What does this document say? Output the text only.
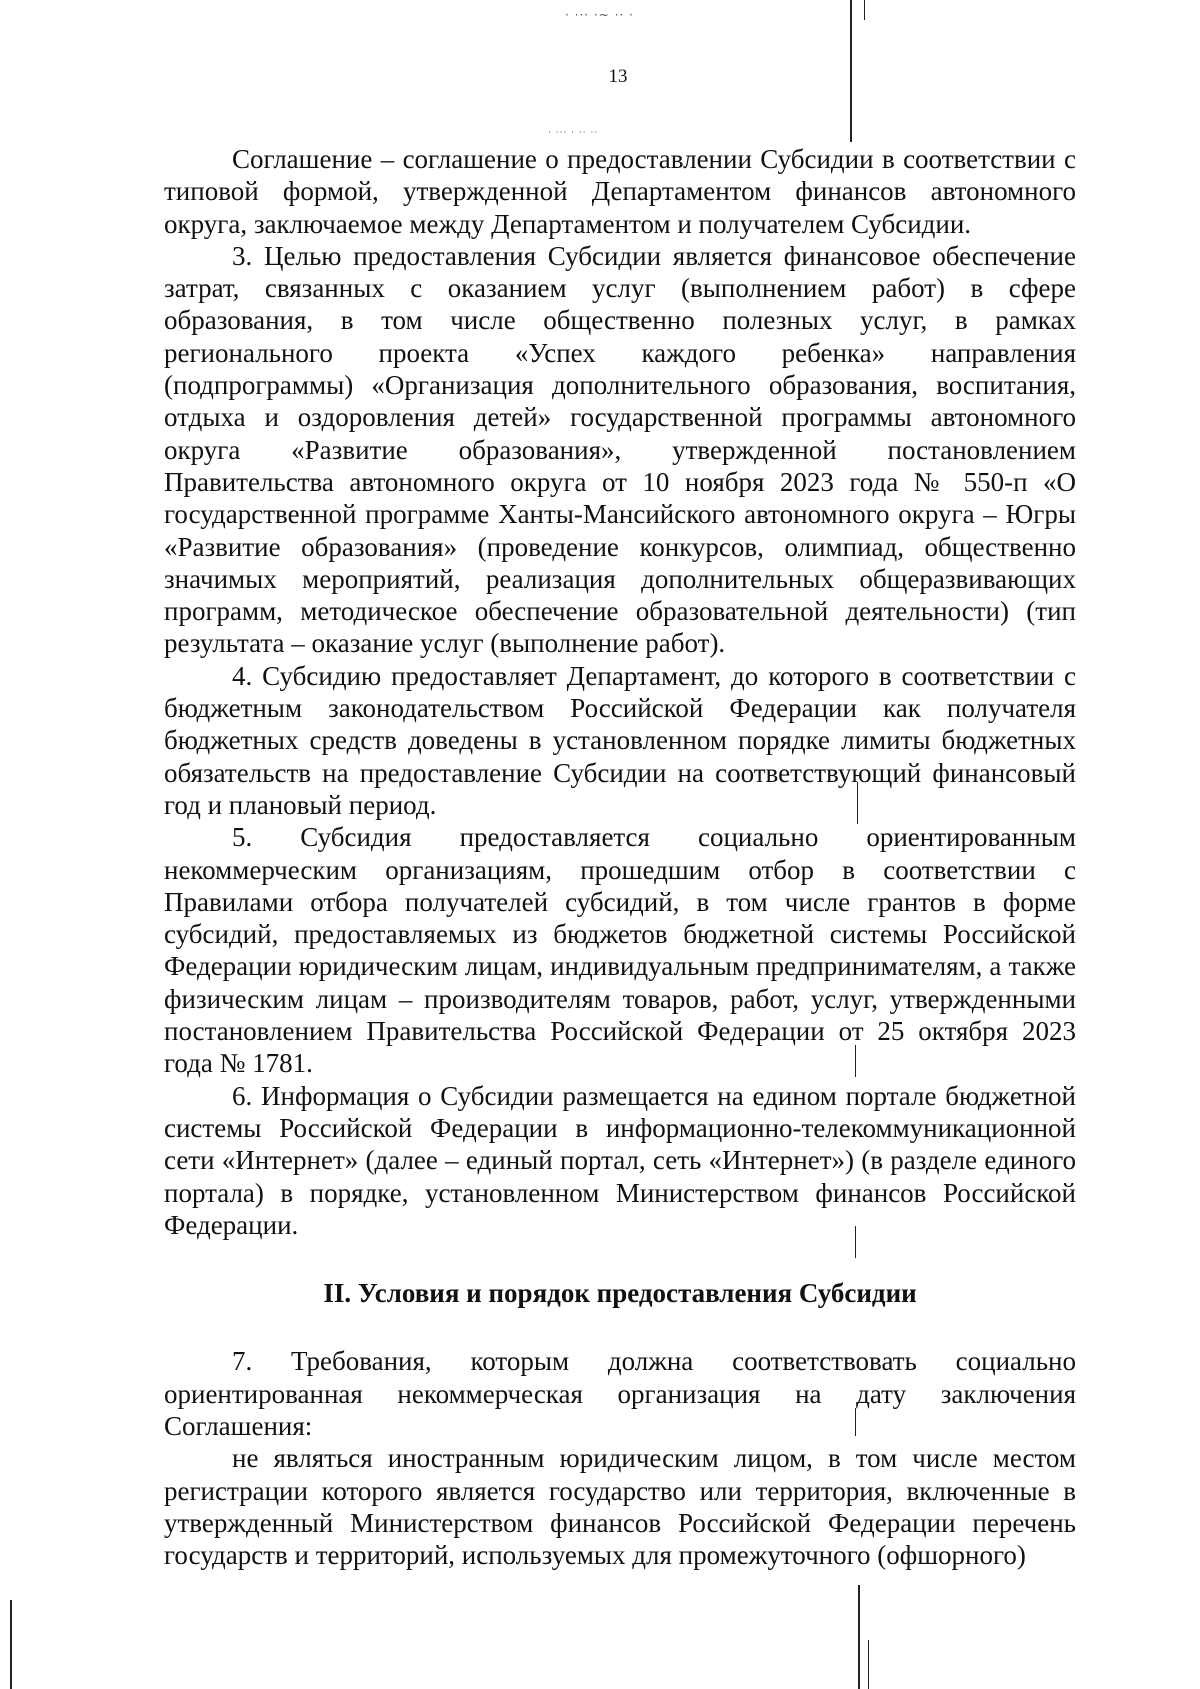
· ··· ·~ ·· ·
· ··· · ·· ··
13

Соглашение – соглашение о предоставлении Субсидии в соответствии с типовой формой, утвержденной Департаментом финансов автономного округа, заключаемое между Департаментом и получателем Субсидии.

3. Целью предоставления Субсидии является финансовое обеспечение затрат, связанных с оказанием услуг (выполнением работ) в сфере образования, в том числе общественно полезных услуг, в рамках регионального проекта «Успех каждого ребенка» направления (подпрограммы) «Организация дополнительного образования, воспитания, отдыха и оздоровления детей» государственной программы автономного округа «Развитие образования», утвержденной постановлением Правительства автономного округа от 10 ноября 2023 года № 550-п «О государственной программе Ханты-Мансийского автономного округа – Югры «Развитие образования» (проведение конкурсов, олимпиад, общественно значимых мероприятий, реализация дополнительных общеразвивающих программ, методическое обеспечение образовательной деятельности) (тип результата – оказание услуг (выполнение работ).

4. Субсидию предоставляет Департамент, до которого в соответствии с бюджетным законодательством Российской Федерации как получателя бюджетных средств доведены в установленном порядке лимиты бюджетных обязательств на предоставление Субсидии на соответствующий финансовый год и плановый период.

5. Субсидия предоставляется социально ориентированным некоммерческим организациям, прошедшим отбор в соответствии с Правилами отбора получателей субсидий, в том числе грантов в форме субсидий, предоставляемых из бюджетов бюджетной системы Российской Федерации юридическим лицам, индивидуальным предпринимателям, а также физическим лицам – производителям товаров, работ, услуг, утвержденными постановлением Правительства Российской Федерации от 25 октября 2023 года № 1781.

6. Информация о Субсидии размещается на едином портале бюджетной системы Российской Федерации в информационно-телекоммуникационной сети «Интернет» (далее – единый портал, сеть «Интернет») (в разделе единого портала) в порядке, установленном Министерством финансов Российской Федерации.

II. Условия и порядок предоставления Субсидии

7. Требования, которым должна соответствовать социально ориентированная некоммерческая организация на дату заключения Соглашения:

не являться иностранным юридическим лицом, в том числе местом регистрации которого является государство или территория, включенные в утвержденный Министерством финансов Российской Федерации перечень государств и территорий, используемых для промежуточного (офшорного)
